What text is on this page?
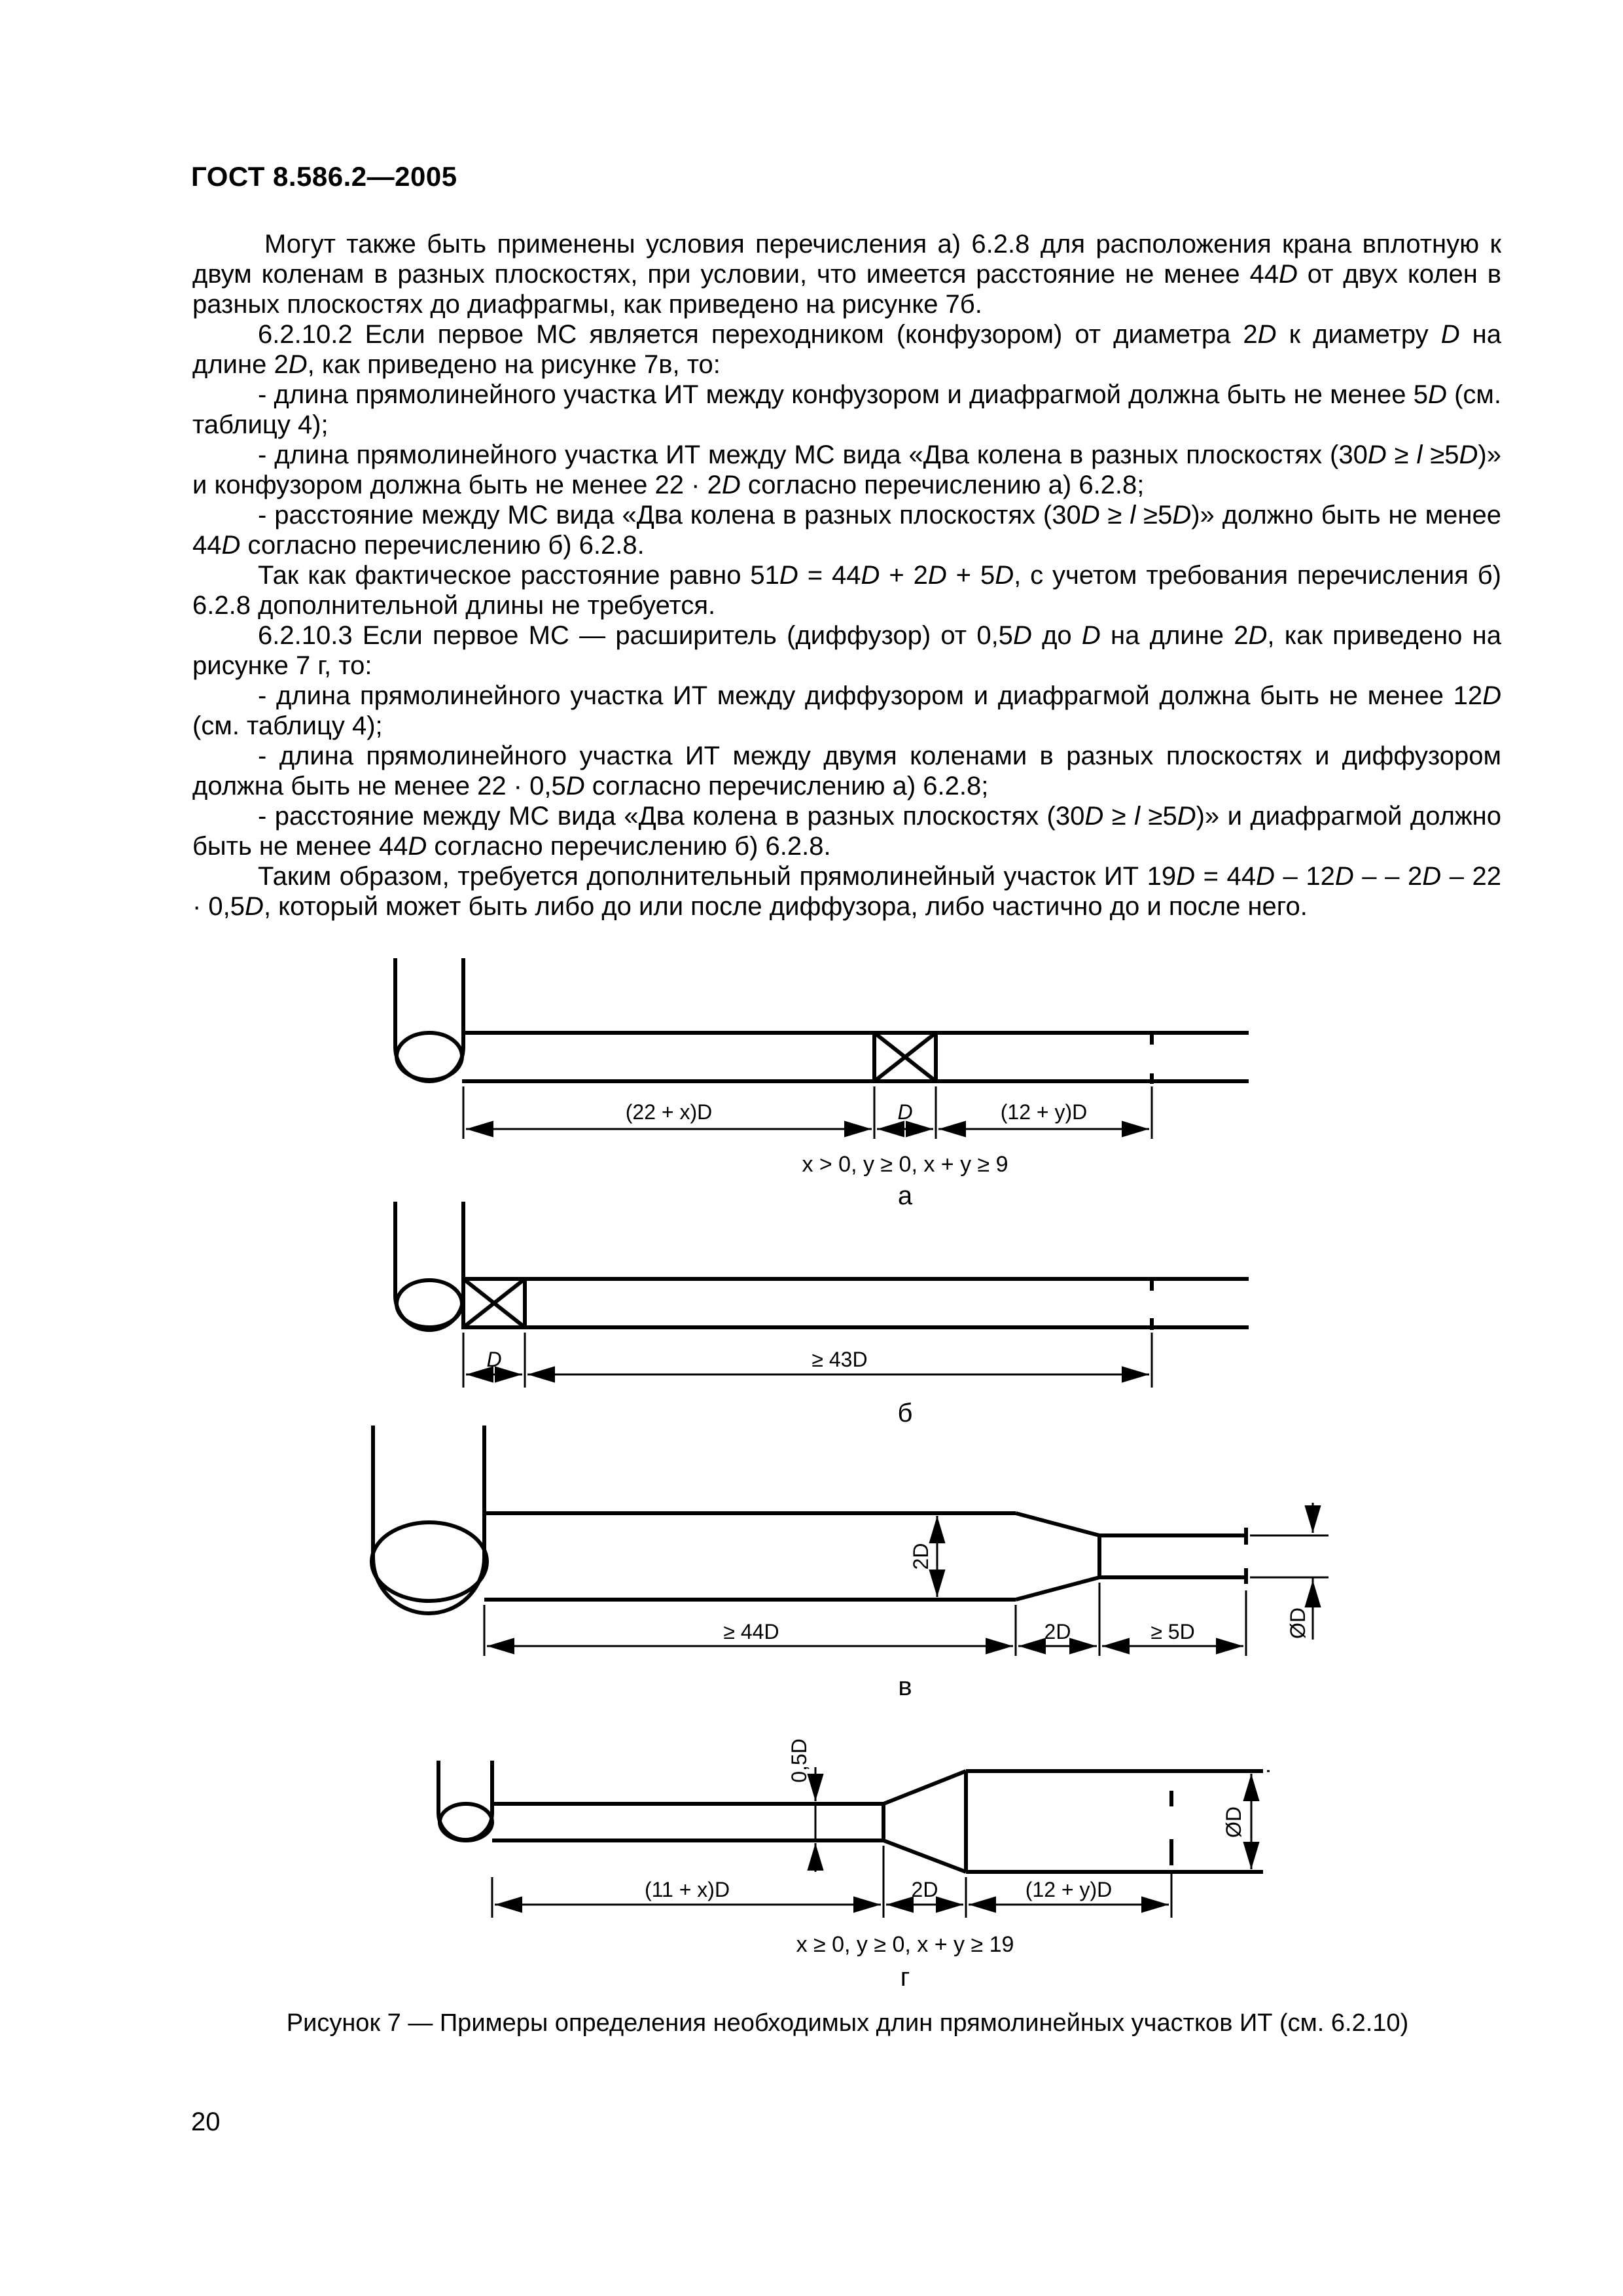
ГОСТ 8.586.2—2005

Могут также быть применены условия перечисления а) 6.2.8 для расположения крана вплотную к двум коленам в разных плоскостях, при условии, что имеется расстояние не менее 44D от двух колен в разных плоскостях до диафрагмы, как приведено на рисунке 7б.

6.2.10.2 Если первое МС является переходником (конфузором) от диаметра 2D к диаметру D на длине 2D, как приведено на рисунке 7в, то:

- длина прямолинейного участка ИТ между конфузором и диафрагмой должна быть не менее 5D (см. таблицу 4);

- длина прямолинейного участка ИТ между МС вида «Два колена в разных плоскостях (30D ≥ l ≥5D)» и конфузором должна быть не менее 22 · 2D согласно перечислению а) 6.2.8;

- расстояние между МС вида «Два колена в разных плоскостях (30D ≥ l ≥5D)» должно быть не менее 44D согласно перечислению б) 6.2.8.

Так как фактическое расстояние равно 51D = 44D + 2D + 5D, с учетом требования перечисления б) 6.2.8 дополнительной длины не требуется.

6.2.10.3 Если первое МС — расширитель (диффузор) от 0,5D до D на длине 2D, как приведено на рисунке 7 г, то:

- длина прямолинейного участка ИТ между диффузором и диафрагмой должна быть не менее 12D (см. таблицу 4);

- длина прямолинейного участка ИТ между двумя коленами в разных плоскостях и диффузором должна быть не менее 22 · 0,5D согласно перечислению а) 6.2.8;

- расстояние между МС вида «Два колена в разных плоскостях (30D ≥ l ≥5D)» и диафрагмой должно быть не менее 44D согласно перечислению б) 6.2.8.

Таким образом, требуется дополнительный прямолинейный участок ИТ 19D = 44D – 12D – – 2D – 22 · 0,5D, который может быть либо до или после диффузора, либо частично до и после него.

(22 + x)D	D	(12 + y)D
x > 0, y ≥ 0, x + y ≥ 9
а
D	≥ 43D
б
≥ 44D	2D	≥ 5D
2D
ØD
в
(11 + x)D	2D	(12 + y)D
0,5D
ØD
x ≥ 0, y ≥ 0, x + y ≥ 19
г
Рисунок 7 — Примеры определения необходимых длин прямолинейных участков ИТ (см. 6.2.10)
20
